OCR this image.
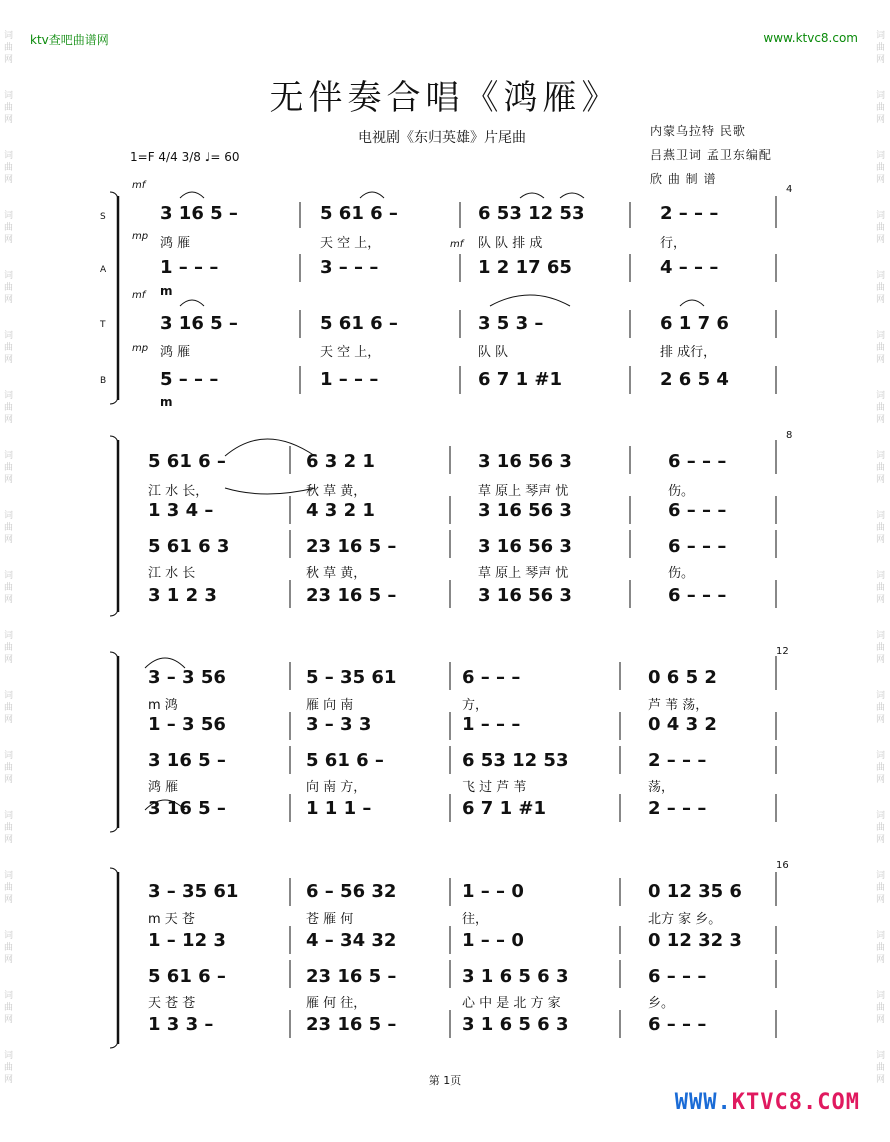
ktv查吧曲谱网	www.ktvc8.com
词曲网
词曲网
词曲网
词曲网
词曲网
词曲网
词曲网
词曲网
词曲网
词曲网
词曲网
词曲网
词曲网
词曲网
词曲网
词曲网
词曲网
词曲网
词曲网
词曲网
词曲网
词曲网
词曲网
词曲网
词曲网
词曲网
词曲网
词曲网
词曲网
词曲网
词曲网
词曲网
词曲网
词曲网
词曲网
词曲网
无伴奏合唱《鸿雁》
电视剧《东归英雄》片尾曲	内蒙乌拉特 民歌
吕燕卫词 孟卫东编配
欣 曲 制 谱
1=F 4/4 3/8 ♩= 60
S
A
T
B
mf
mp
mf
mf
mp
4
8
12
16
3 16 5 –	5 61 6 –	6 53 12 53	2 – – –
鸿 雁	天 空 上，	队 队 排 成	行，
1 – – –	3 – – –	1 2 17 65	4 – – –
m
3 16 5 –	5 61 6 –	3 5 3 –	6 1 7 6
鸿 雁	天 空 上，	队 队	排 成行，
5 – – –	1 – – –	6 7 1 #1	2 6 5 4
m
5 61 6 –	6 3 2 1	3 16 56 3	6 – – –
江 水 长，	秋 草 黄，	草 原上 琴声 忧	伤。
1 3 4 –	4 3 2 1	3 16 56 3	6 – – –
5 61 6 3	23 16 5 –	3 16 56 3	6 – – –
江 水 长	秋 草 黄，	草 原上 琴声 忧	伤。
3 1 2 3	23 16 5 –	3 16 56 3	6 – – –
3 – 3 56	5 – 35 61	6 – – –	0 6 5 2
m 鸿	雁 向 南	方，	芦 苇 荡，
1 – 3 56	3 – 3 3	1 – – –	0 4 3 2
3 16 5 –	5 61 6 –	6 53 12 53	2 – – –
鸿 雁	向 南 方，	飞 过 芦 苇	荡，
3 16 5 –	1 1 1 –	6 7 1 #1	2 – – –
3 – 35 61	6 – 56 32	1 – – 0	0 12 35 6
m 天 苍	苍 雁 何	往，	北方 家 乡。
1 – 12 3	4 – 34 32	1 – – 0	0 12 32 3
5 61 6 –	23 16 5 –	3 1 6 5 6 3	6 – – –
天 苍 苍	雁 何 往，	心 中 是 北 方 家	乡。
1 3 3 –	23 16 5 –	3 1 6 5 6 3	6 – – –
第 1页
WWW.KTVC8.COM
